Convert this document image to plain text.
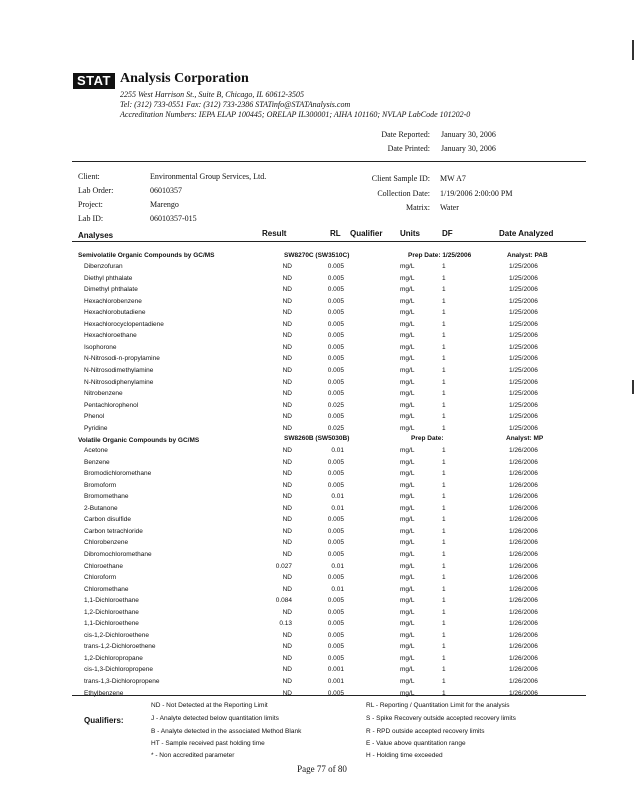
STAT Analysis Corporation
2255 West Harrison St., Suite B, Chicago, IL 60612-3505
Tel: (312) 733-0551 Fax: (312) 733-2386 STATinfo@STATAnalysis.com
Accreditation Numbers: IEPA ELAP 100445; ORELAP IL300001; AIHA 101160; NVLAP LabCode 101202-0
Date Reported: January 30, 2006
Date Printed: January 30, 2006
Client:	Environmental Group Services, Ltd.
Lab Order:	06010357
Project:	Marengo
Lab ID:	06010357-015
Client Sample ID: MW A7
Collection Date: 1/19/2006 2:00:00 PM
Matrix: Water
Analyses	Result	RL Qualifier Units	DF	Date Analyzed
Semivolatile Organic Compounds by GC/MS	SW8270C (SW3510C)	Prep Date: 1/25/2006	Analyst: PAB
Dibenzofuran	ND	0.005	mg/L	1	1/25/2006
Diethyl phthalate	ND	0.005	mg/L	1	1/25/2006
Dimethyl phthalate	ND	0.005	mg/L	1	1/25/2006
Hexachlorobenzene	ND	0.005	mg/L	1	1/25/2006
Hexachlorobutadiene	ND	0.005	mg/L	1	1/25/2006
Hexachlorocyclopentadiene	ND	0.005	mg/L	1	1/25/2006
Hexachloroethane	ND	0.005	mg/L	1	1/25/2006
Isophorone	ND	0.005	mg/L	1	1/25/2006
N-Nitrosodi-n-propylamine	ND	0.005	mg/L	1	1/25/2006
N-Nitrosodimethylamine	ND	0.005	mg/L	1	1/25/2006
N-Nitrosodiphenylamine	ND	0.005	mg/L	1	1/25/2006
Nitrobenzene	ND	0.005	mg/L	1	1/25/2006
Pentachlorophenol	ND	0.025	mg/L	1	1/25/2006
Phenol	ND	0.005	mg/L	1	1/25/2006
Pyridine	ND	0.025	mg/L	1	1/25/2006
Volatile Organic Compounds by GC/MS	SW8260B (SW5030B)	Prep Date:	Analyst: MP
Acetone	ND	0.01	mg/L	1	1/26/2006
Benzene	ND	0.005	mg/L	1	1/26/2006
Bromodichloromethane	ND	0.005	mg/L	1	1/26/2006
Bromoform	ND	0.005	mg/L	1	1/26/2006
Bromomethane	ND	0.01	mg/L	1	1/26/2006
2-Butanone	ND	0.01	mg/L	1	1/26/2006
Carbon disulfide	ND	0.005	mg/L	1	1/26/2006
Carbon tetrachloride	ND	0.005	mg/L	1	1/26/2006
Chlorobenzene	ND	0.005	mg/L	1	1/26/2006
Dibromochloromethane	ND	0.005	mg/L	1	1/26/2006
Chloroethane	0.027	0.01	mg/L	1	1/26/2006
Chloroform	ND	0.005	mg/L	1	1/26/2006
Chloromethane	ND	0.01	mg/L	1	1/26/2006
1,1-Dichloroethane	0.084	0.005	mg/L	1	1/26/2006
1,2-Dichloroethane	ND	0.005	mg/L	1	1/26/2006
1,1-Dichloroethene	0.13	0.005	mg/L	1	1/26/2006
cis-1,2-Dichloroethene	ND	0.005	mg/L	1	1/26/2006
trans-1,2-Dichloroethene	ND	0.005	mg/L	1	1/26/2006
1,2-Dichloropropane	ND	0.005	mg/L	1	1/26/2006
cis-1,3-Dichloropropene	ND	0.001	mg/L	1	1/26/2006
trans-1,3-Dichloropropene	ND	0.001	mg/L	1	1/26/2006
Ethylbenzene	ND	0.005	mg/L	1	1/26/2006
Qualifiers:
ND - Not Detected at the Reporting Limit
J - Analyte detected below quantitation limits
B - Analyte detected in the associated Method Blank
HT - Sample received past holding time
* - Non accredited parameter
RL - Reporting / Quantitation Limit for the analysis
S - Spike Recovery outside accepted recovery limits
R - RPD outside accepted recovery limits
E - Value above quantitation range
H - Holding time exceeded
Page 77 of 80
